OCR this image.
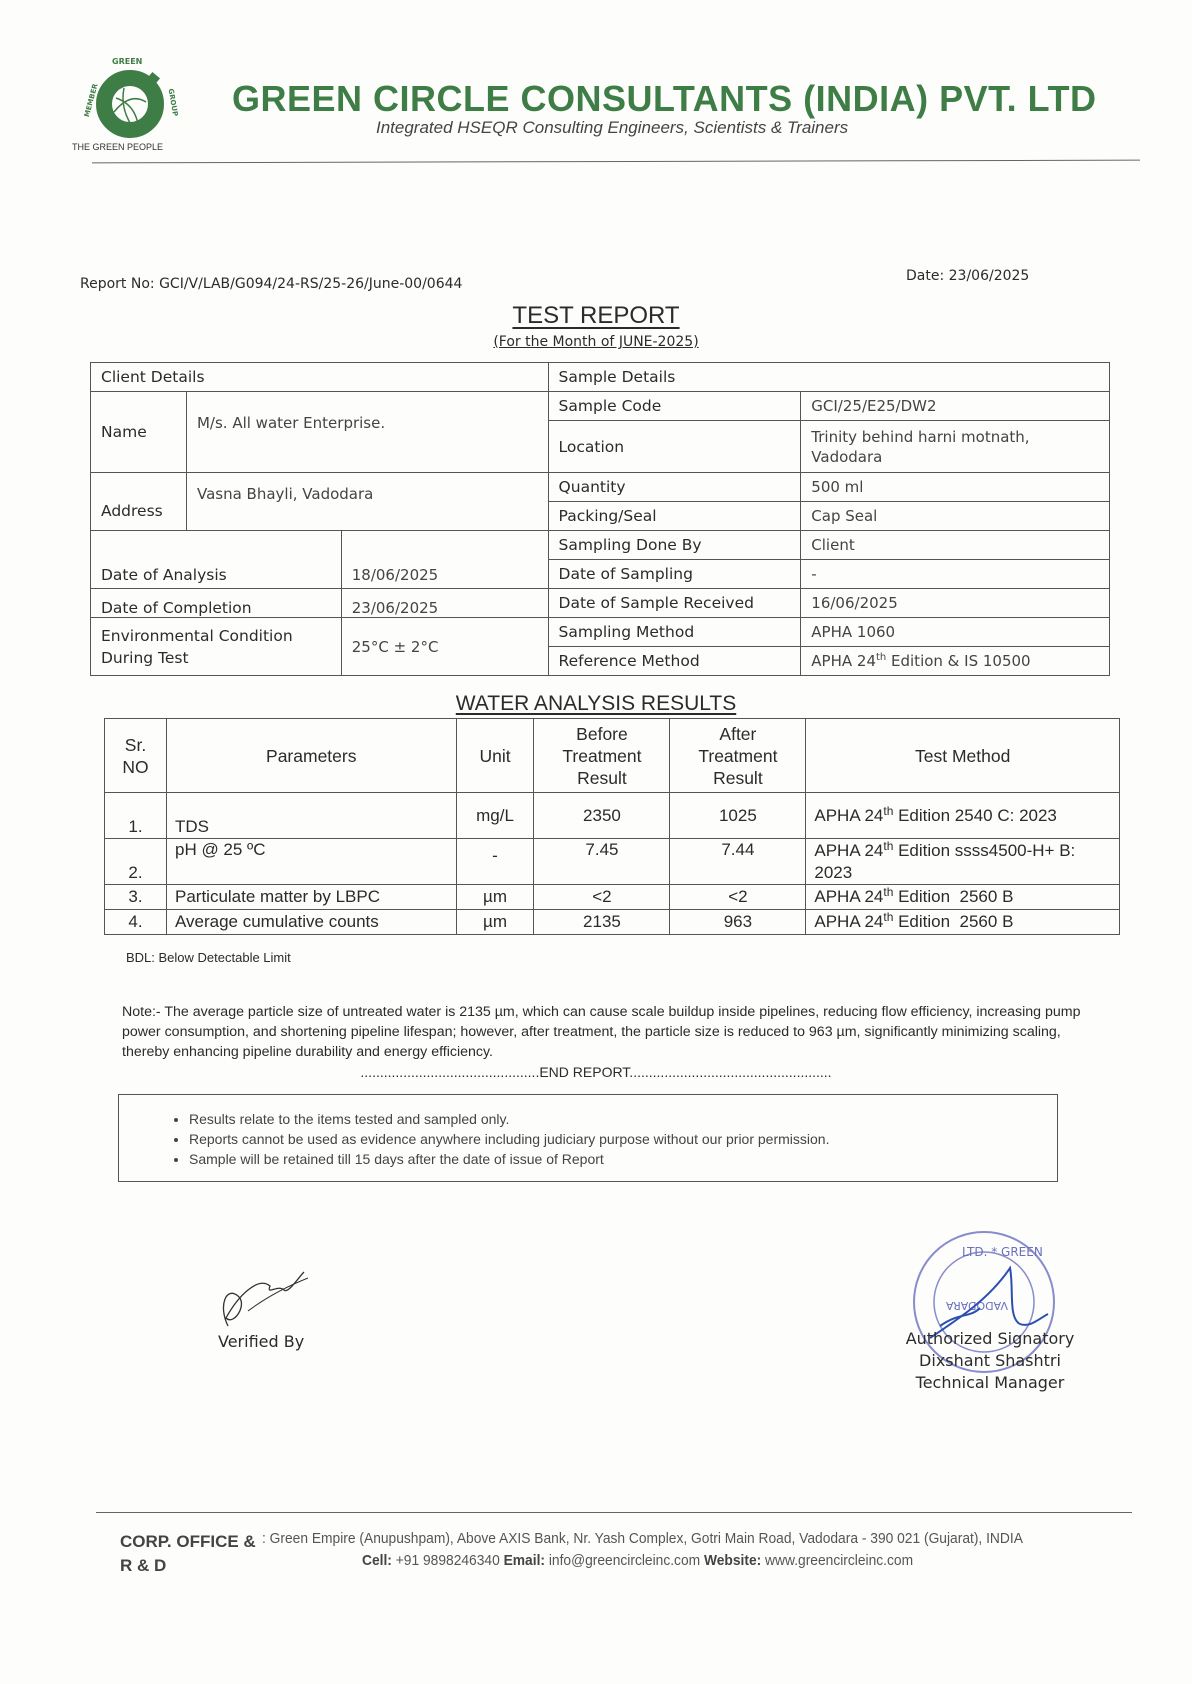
GREEN
MEMBER	GROUP
THE GREEN PEOPLE
GREEN CIRCLE CONSULTANTS (INDIA) PVT. LTD
Integrated HSEQR Consulting Engineers, Scientists & Trainers
Report No: GCI/V/LAB/G094/24-RS/25-26/June-00/0644	Date: 23/06/2025
TEST REPORT
(For the Month of JUNE-2025)
Client Details			Sample Details	
Name	M/s. All water Enterprise.		Sample Code	GCI/25/E25/DW2
			Location	Trinity behind harni motnath,
Vadodara
Address	Vasna Bhayli, Vadodara		Quantity	500 ml
			Packing/Seal	Cap Seal
Date of Analysis		18/06/2025	Sampling Done By	Client
			Date of Sampling	-
Date of Completion		23/06/2025	Date of Sample Received	16/06/2025
Environmental Condition
During Test		25°C ± 2°C	Sampling Method	APHA 1060
			Reference Method	APHA 24th Edition & IS 10500
WATER ANALYSIS RESULTS
Sr. NO	Parameters	Unit	Before Treatment Result	After Treatment Result	Test Method
1.	TDS	mg/L	2350	1025	APHA 24th Edition 2540 C: 2023
2.	pH @ 25 ºC	-	7.45	7.44	APHA 24th Edition ssss4500-H+ B: 2023
3.	Particulate matter by LBPC	µm	<2	<2	APHA 24th Edition  2560 B
4.	Average cumulative counts	µm	2135	963	APHA 24th Edition  2560 B
BDL: Below Detectable Limit
Note:- The average particle size of untreated water is 2135 µm, which can cause scale buildup inside pipelines, reducing flow efficiency, increasing pump power consumption, and shortening pipeline lifespan; however, after treatment, the particle size is reduced to 963 µm, significantly minimizing scaling, thereby enhancing pipeline durability and energy efficiency.
..............................................END REPORT....................................................
• Results relate to the items tested and sampled only.
• Reports cannot be used as evidence anywhere including judiciary purpose without our prior permission.
• Sample will be retained till 15 days after the date of issue of Report
Verified By
LTD. * GREEN
VADODARA
Authorized Signatory
Dixshant Shashtri
Technical Manager
CORP. OFFICE &
R & D
: Green Empire (Anupushpam), Above AXIS Bank, Nr. Yash Complex, Gotri Main Road, Vadodara - 390 021 (Gujarat), INDIA
Cell: +91 9898246340 Email: info@greencircleinc.com Website: www.greencircleinc.com
